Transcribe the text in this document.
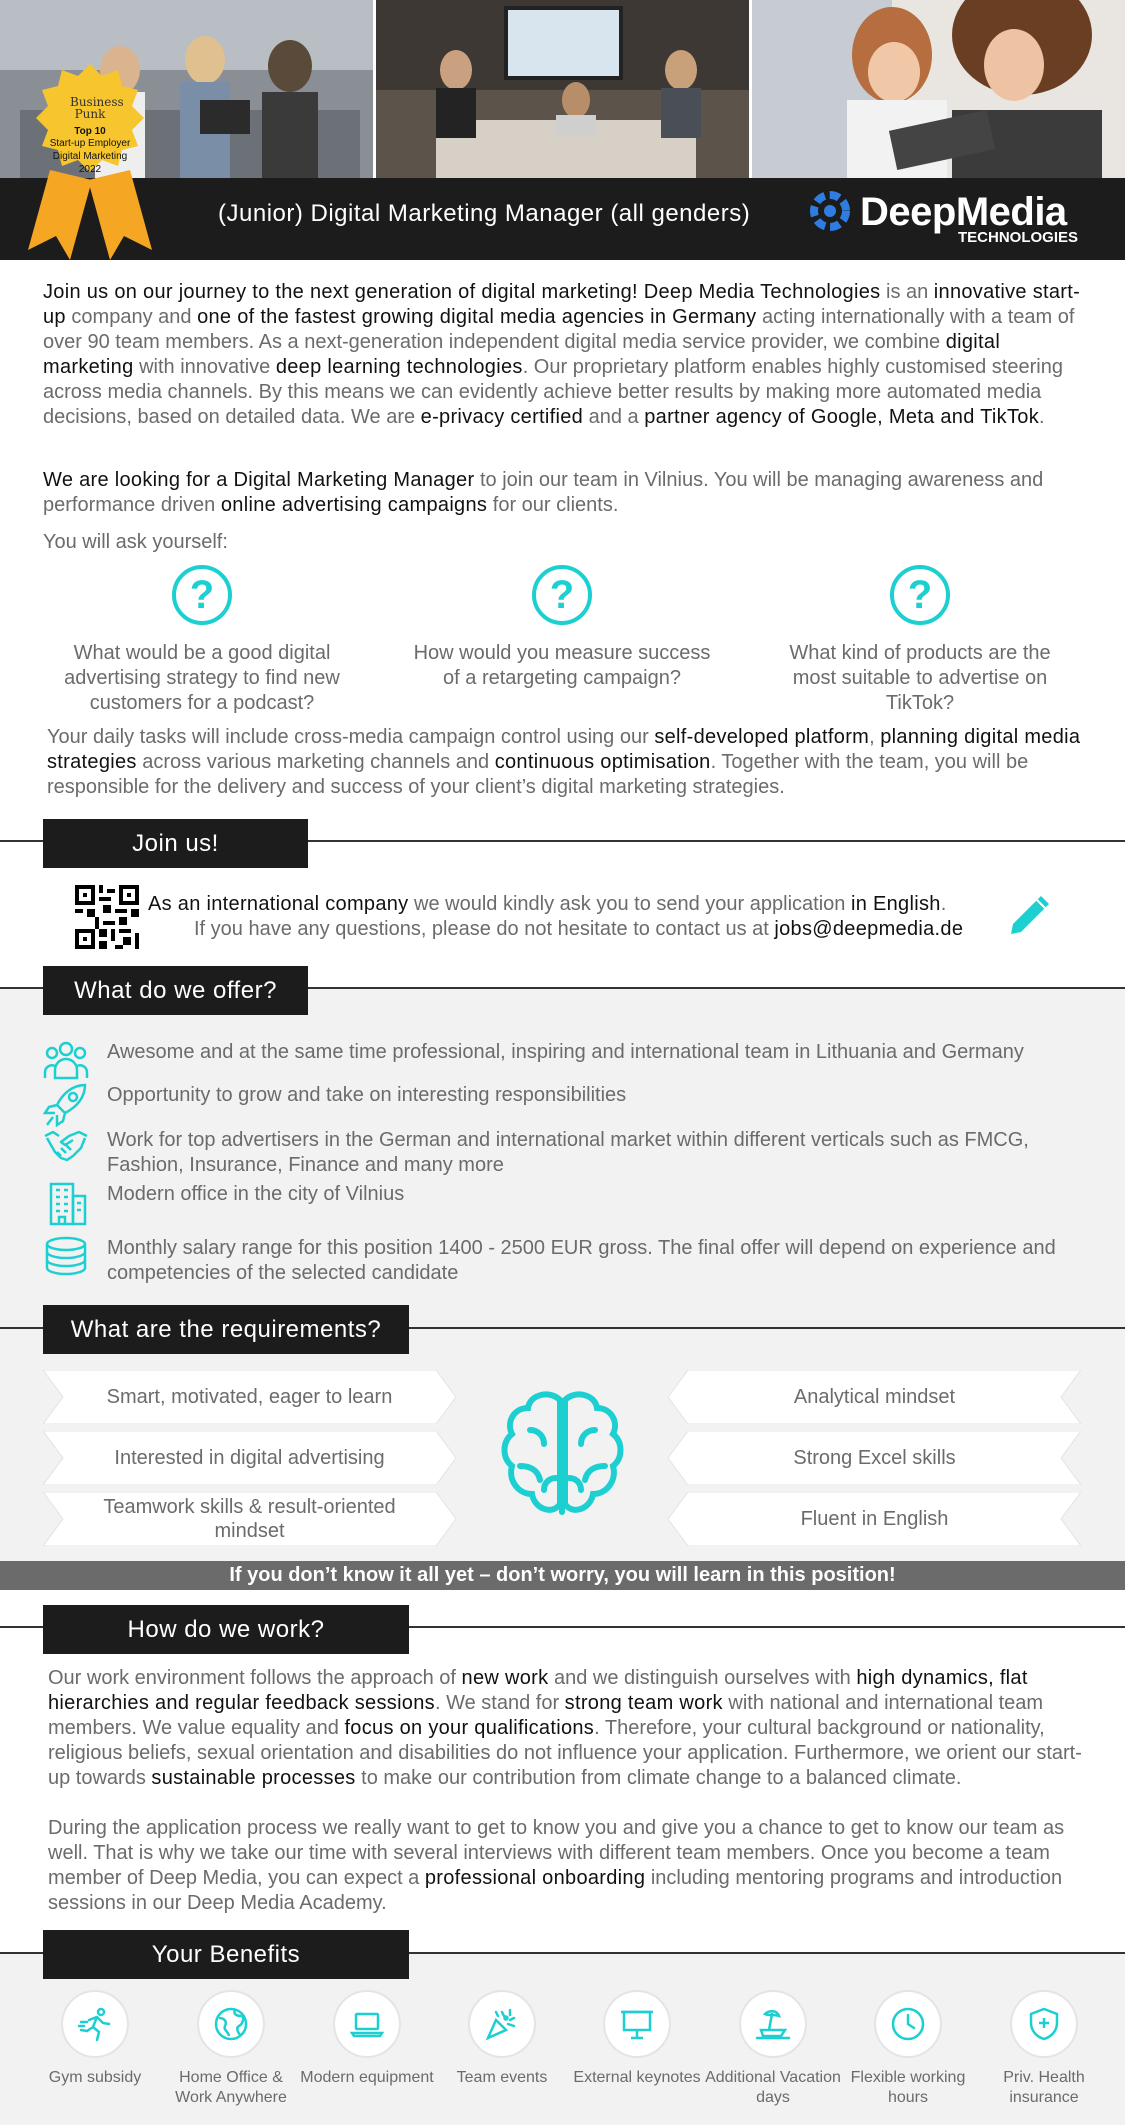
(Junior) Digital Marketing Manager (all genders)	DeepMedia
TECHNOLOGIES
Business Punk
Top 10
Start-up Employer
Digital Marketing
2022

Join us on our journey to the next generation of digital marketing! Deep Media Technologies is an innovative start-up company and one of the fastest growing digital media agencies in Germany acting internationally with a team of over 90 team members. As a next-generation independent digital media service provider, we combine digital marketing with innovative deep learning technologies. Our proprietary platform enables highly customised steering across media channels. By this means we can evidently achieve better results by making more automated media decisions, based on detailed data. We are e-privacy certified and a partner agency of Google, Meta and TikTok.

We are looking for a Digital Marketing Manager to join our team in Vilnius. You will be managing awareness and performance driven online advertising campaigns for our clients.

You will ask yourself:

?
What would be a good digital advertising strategy to find new customers for a podcast?
?
How would you measure success of a retargeting campaign?
?
What kind of products are the most suitable to advertise on TikTok?

Your daily tasks will include cross-media campaign control using our self-developed platform, planning digital media strategies across various marketing channels and continuous optimisation. Together with the team, you will be responsible for the delivery and success of your client’s digital marketing strategies.

Join us!

As an international company we would kindly ask you to send your application in English.

If you have any questions, please do not hesitate to contact us at jobs@deepmedia.de

What do we offer?
Awesome and at the same time professional, inspiring and international team in Lithuania and Germany
Opportunity to grow and take on interesting responsibilities
Work for top advertisers in the German and international market within different verticals such as FMCG, Fashion, Insurance, Finance and many more
Modern office in the city of Vilnius
Monthly salary range for this position 1400 - 2500 EUR gross. The final offer will depend on experience and competencies of the selected candidate
What are the requirements?
Smart, motivated, eager to learn
Interested in digital advertising
Teamwork skills & result-oriented mindset
Analytical mindset
Strong Excel skills
Fluent in English
If you don’t know it all yet – don’t worry, you will learn in this position!
How do we work?

Our work environment follows the approach of new work and we distinguish ourselves with high dynamics, flat hierarchies and regular feedback sessions. We stand for strong team work with national and international team members. We value equality and focus on your qualifications. Therefore, your cultural background or nationality, religious beliefs, sexual orientation and disabilities do not influence your application. Furthermore, we orient our start-up towards sustainable processes to make our contribution from climate change to a balanced climate.

During the application process we really want to get to know you and give you a chance to get to know our team as well. That is why we take our time with several interviews with different team members. Once you become a team member of Deep Media, you can expect a professional onboarding including mentoring programs and introduction sessions in our Deep Media Academy.

Your Benefits
Gym subsidy	Home Office & Work Anywhere
Modern equipment	Team events	External keynotes Additional Vacation days
Flexible working hours
Priv. Health insurance
